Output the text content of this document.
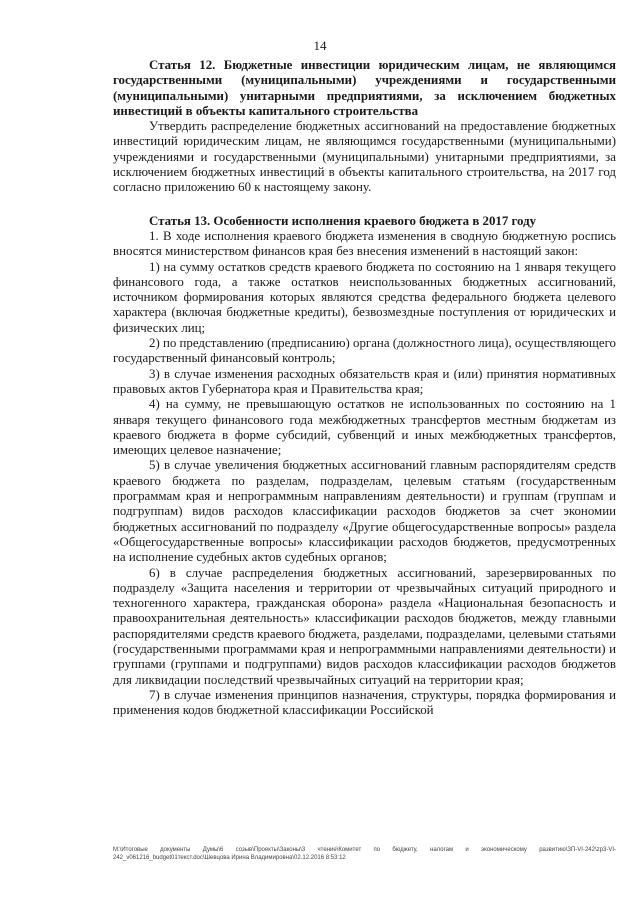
14

Статья 12. Бюджетные инвестиции юридическим лицам, не являющимся государственными (муниципальными) учреждениями и государственными (муниципальными) унитарными предприятиями, за исключением бюджетных инвестиций в объекты капитального строительства

Утвердить распределение бюджетных ассигнований на предоставление бюджетных инвестиций юридическим лицам, не являющимся государственными (муниципальными) учреждениями и государственными (муниципальными) унитарными предприятиями, за исключением бюджетных инвестиций в объекты капитального строительства, на 2017 год согласно приложению 60 к настоящему закону.

Статья 13. Особенности исполнения краевого бюджета в 2017 году

1. В ходе исполнения краевого бюджета изменения в сводную бюджетную роспись вносятся министерством финансов края без внесения изменений в настоящий закон:

1) на сумму остатков средств краевого бюджета по состоянию на 1 января текущего финансового года, а также остатков неиспользованных бюджетных ассигнований, источником формирования которых являются средства федерального бюджета целевого характера (включая бюджетные кредиты), безвозмездные поступления от юридических и физических лиц;

2) по представлению (предписанию) органа (должностного лица), осуществляющего государственный финансовый контроль;

3) в случае изменения расходных обязательств края и (или) принятия нормативных правовых актов Губернатора края и Правительства края;

4) на сумму, не превышающую остатков не использованных по состоянию на 1 января текущего финансового года межбюджетных трансфертов местным бюджетам из краевого бюджета в форме субсидий, субвенций и иных межбюджетных трансфертов, имеющих целевое назначение;

5) в случае увеличения бюджетных ассигнований главным распорядителям средств краевого бюджета по разделам, подразделам, целевым статьям (государственным программам края и непрограммным направлениям деятельности) и группам (группам и подгруппам) видов расходов классификации расходов бюджетов за счет экономии бюджетных ассигнований по подразделу «Другие общегосударственные вопросы» раздела «Общегосударственные вопросы» классификации расходов бюджетов, предусмотренных на исполнение судебных актов судебных органов;

6) в случае распределения бюджетных ассигнований, зарезервированных по подразделу «Защита населения и территории от чрезвычайных ситуаций природного и техногенного характера, гражданская оборона» раздела «Национальная безопасность и правоохранительная деятельность» классификации расходов бюджетов, между главными распорядителями средств краевого бюджета, разделами, подразделами, целевыми статьями (государственными программами края и непрограммными направлениями деятельности) и группами (группами и подгруппами) видов расходов классификации расходов бюджетов для ликвидации последствий чрезвычайных ситуаций на территории края;

7) в случае изменения принципов назначения, структуры, порядка формирования и применения кодов бюджетной классификации Российской

М:\Итоговые документы Думы\6 созыв\Проекты\Законы\3 чтение\Комитет по бюджету, налогам и экономическому развитию\ЗП-VI-242\zp3-VI-242_v061216_budget01текст.doc\Шевцова Ирина Владимировна\02.12.2016 8:53:12
